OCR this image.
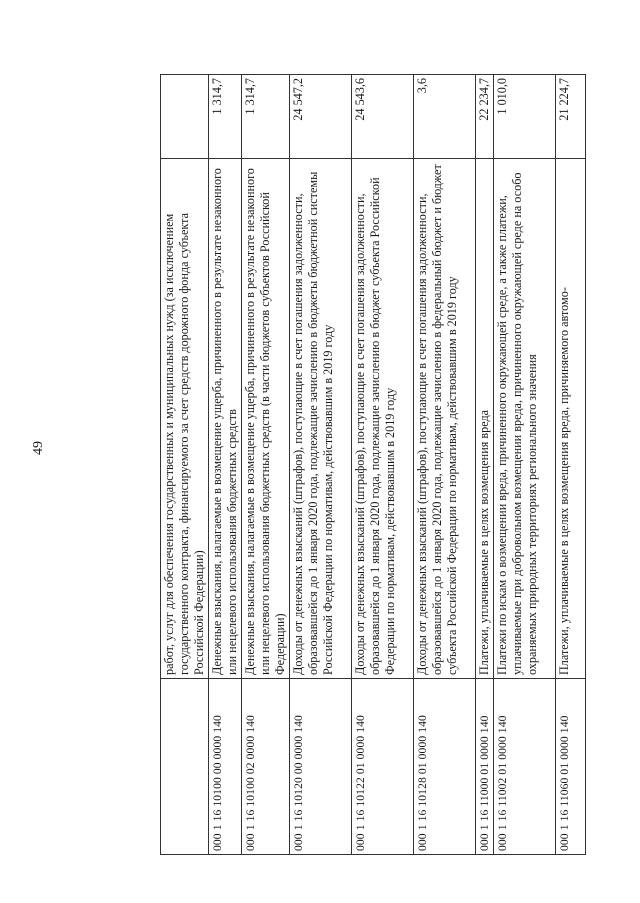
49
		работ, услуг для обеспечения государственных и муниципальных нужд (за исключением государственного контракта, финансируемого за счет средств дорожного фонда субъекта Российской Федерации)	
000 1 16 10100 00 0000 140	Денежные взыскания, налагаемые в возмещение ущерба, причиненного в результате незаконного или нецелевого использования бюджетных средств	1 314,7
000 1 16 10100 02 0000 140	Денежные взыскания, налагаемые в возмещение ущерба, причиненного в результате незаконного или нецелевого использования бюджетных средств (в части бюджетов субъектов Российской Федерации)	1 314,7
000 1 16 10120 00 0000 140	Доходы от денежных взысканий (штрафов), поступающие в счет погашения задолженности, образовавшейся до 1 января 2020 года, подлежащие зачислению в бюджеты бюджетной системы Российской Федерации по нормативам, действовавшим в 2019 году	24 547,2
000 1 16 10122 01 0000 140	Доходы от денежных взысканий (штрафов), поступающие в счет погашения задолженности, образовавшейся до 1 января 2020 года, подлежащие зачислению в бюджет субъекта Российской Федерации по нормативам, действовавшим в 2019 году	24 543,6
000 1 16 10128 01 0000 140	Доходы от денежных взысканий (штрафов), поступающие в счет погашения задолженности, образовавшейся до 1 января 2020 года, подлежащие зачислению в федеральный бюджет и бюджет субъекта Российской Федерации по нормативам, действовавшим в 2019 году	3,6
000 1 16 11000 01 0000 140	Платежи, уплачиваемые в целях возмещения вреда	22 234,7
000 1 16 11002 01 0000 140	Платежи по искам о возмещении вреда, причиненного окружающей среде, а также платежи, уплачиваемые при добровольном возмещении вреда, причиненного окружающей среде на особо охраняемых природных территориях регионального значения	1 010,0
000 1 16 11060 01 0000 140	Платежи, уплачиваемые в целях возмещения вреда, причиняемого автомо-	21 224,7
